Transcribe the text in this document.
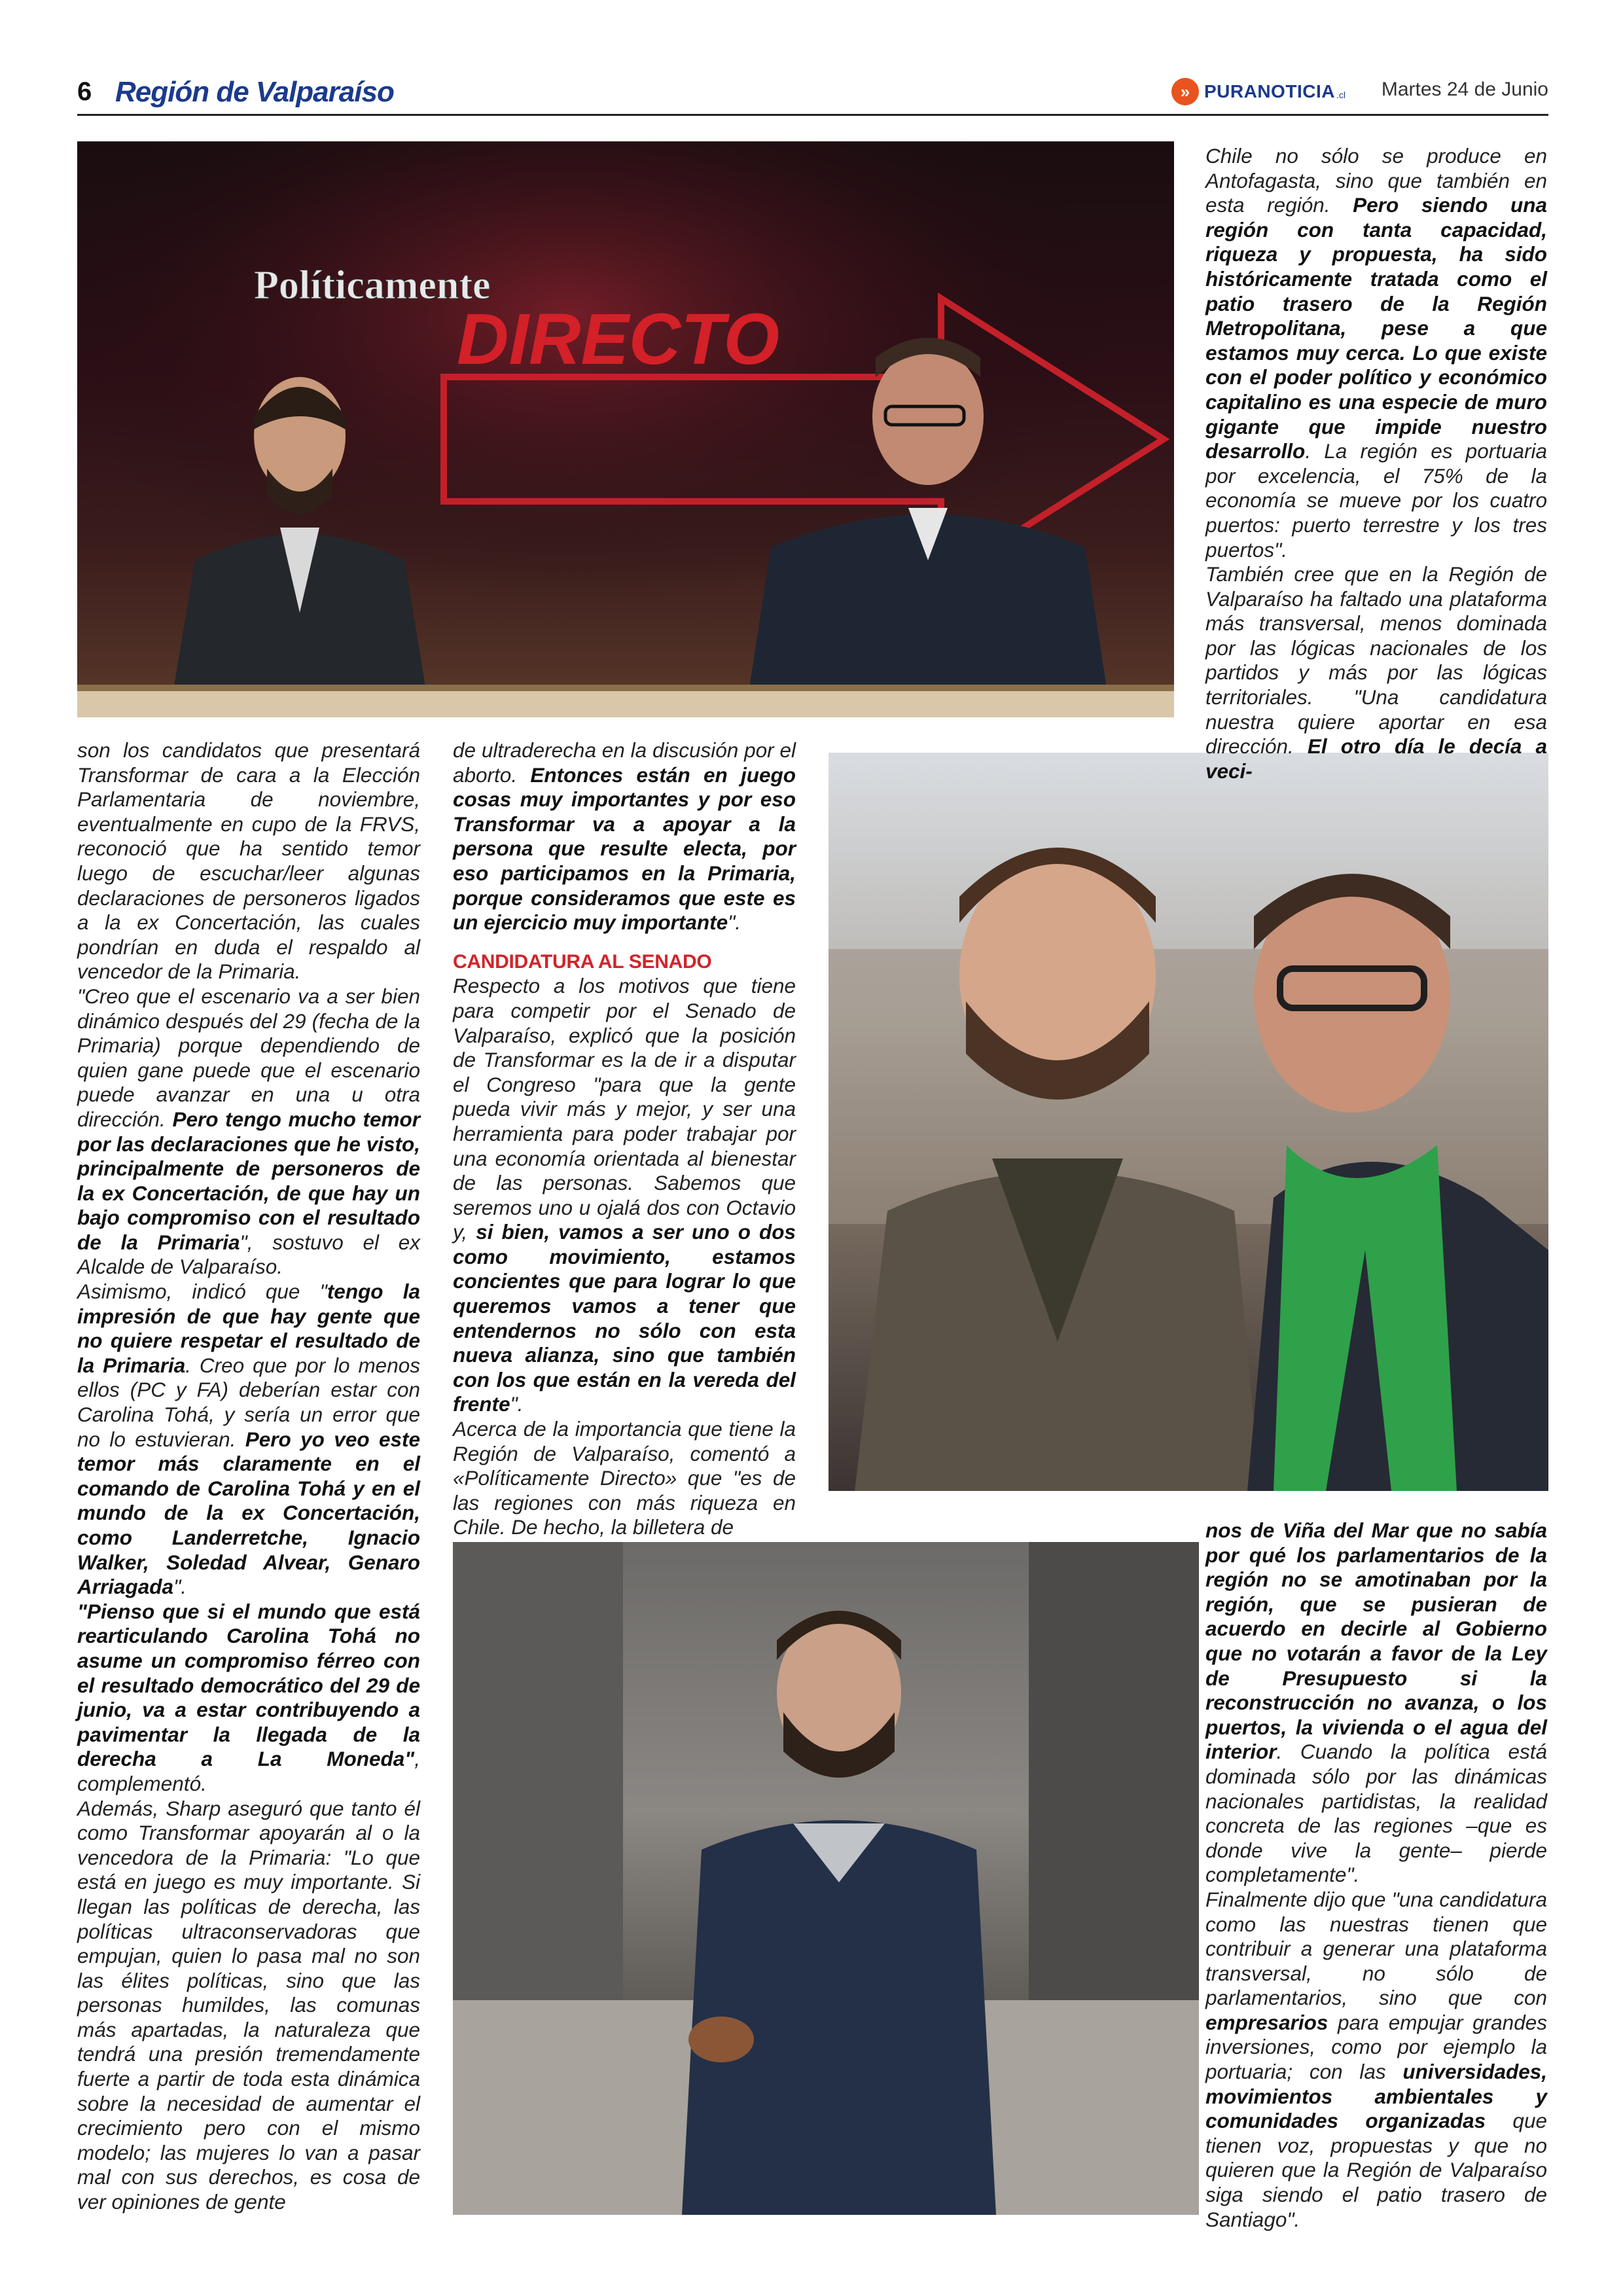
6 Región de Valparaíso	» PURANOTICIA .cl Martes 24 de Junio
Políticamente
DIRECTO

son los candidatos que presentará Transformar de cara a la Elección Parlamentaria de noviembre, eventualmente en cupo de la FRVS, reconoció que ha sentido temor luego de escuchar/leer algunas declaraciones de personeros ligados a la ex Concertación, las cuales pondrían en duda el respaldo al vencedor de la Primaria.

"Creo que el escenario va a ser bien dinámico después del 29 (fecha de la Primaria) porque dependiendo de quien gane puede que el escenario puede avanzar en una u otra dirección. Pero tengo mucho temor por las declaraciones que he visto, principalmente de personeros de la ex Concertación, de que hay un bajo compromiso con el resultado de la Primaria", sostuvo el ex Alcalde de Valparaíso.

Asimismo, indicó que "tengo la impresión de que hay gente que no quiere respetar el resultado de la Primaria. Creo que por lo menos ellos (PC y FA) deberían estar con Carolina Tohá, y sería un error que no lo estuvieran. Pero yo veo este temor más claramente en el comando de Carolina Tohá y en el mundo de la ex Concertación, como Landerretche, Ignacio Walker, Soledad Alvear, Genaro Arriagada".

"Pienso que si el mundo que está rearticulando Carolina Tohá no asume un compromiso férreo con el resultado democrático del 29 de junio, va a estar contribuyendo a pavimentar la llegada de la derecha a La Moneda", complementó.

Además, Sharp aseguró que tanto él como Transformar apoyarán al o la vencedora de la Primaria: "Lo que está en juego es muy importante. Si llegan las políticas de derecha, las políticas ultraconservadoras que empujan, quien lo pasa mal no son las élites políticas, sino que las personas humildes, las comunas más apartadas, la naturaleza que tendrá una presión tremendamente fuerte a partir de toda esta dinámica sobre la necesidad de aumentar el crecimiento pero con el mismo modelo; las mujeres lo van a pasar mal con sus derechos, es cosa de ver opiniones de gente

de ultraderecha en la discusión por el aborto. Entonces están en juego cosas muy importantes y por eso Transformar va a apoyar a la persona que resulte electa, por eso participamos en la Primaria, porque consideramos que este es un ejercicio muy importante".

CANDIDATURA AL SENADO

Respecto a los motivos que tiene para competir por el Senado de Valparaíso, explicó que la posición de Transformar es la de ir a disputar el Congreso "para que la gente pueda vivir más y mejor, y ser una herramienta para poder trabajar por una economía orientada al bienestar de las personas. Sabemos que seremos uno u ojalá dos con Octavio y, si bien, vamos a ser uno o dos como movimiento, estamos concientes que para lograr lo que queremos vamos a tener que entendernos no sólo con esta nueva alianza, sino que también con los que están en la vereda del frente".

Acerca de la importancia que tiene la Región de Valparaíso, comentó a «Políticamente Directo» que "es de las regiones con más riqueza en Chile. De hecho, la billetera de

Chile no sólo se produce en Antofagasta, sino que también en esta región. Pero siendo una región con tanta capacidad, riqueza y propuesta, ha sido históricamente tratada como el patio trasero de la Región Metropolitana, pese a que estamos muy cerca. Lo que existe con el poder político y económico capitalino es una especie de muro gigante que impide nuestro desarrollo. La región es portuaria por excelencia, el 75% de la economía se mueve por los cuatro puertos: puerto terrestre y los tres puertos".

También cree que en la Región de Valparaíso ha faltado una plataforma más transversal, menos dominada por las lógicas nacionales de los partidos y más por las lógicas territoriales. "Una candidatura nuestra quiere aportar en esa dirección. El otro día le decía a veci-

nos de Viña del Mar que no sabía por qué los parlamentarios de la región no se amotinaban por la región, que se pusieran de acuerdo en decirle al Gobierno que no votarán a favor de la Ley de Presupuesto si la reconstrucción no avanza, o los puertos, la vivienda o el agua del interior. Cuando la política está dominada sólo por las dinámicas nacionales partidistas, la realidad concreta de las regiones –que es donde vive la gente– pierde completamente".

Finalmente dijo que "una candidatura como las nuestras tienen que contribuir a generar una plataforma transversal, no sólo de parlamentarios, sino que con empresarios para empujar grandes inversiones, como por ejemplo la portuaria; con las universidades, movimientos ambientales y comunidades organizadas que tienen voz, propuestas y que no quieren que la Región de Valparaíso siga siendo el patio trasero de Santiago".
